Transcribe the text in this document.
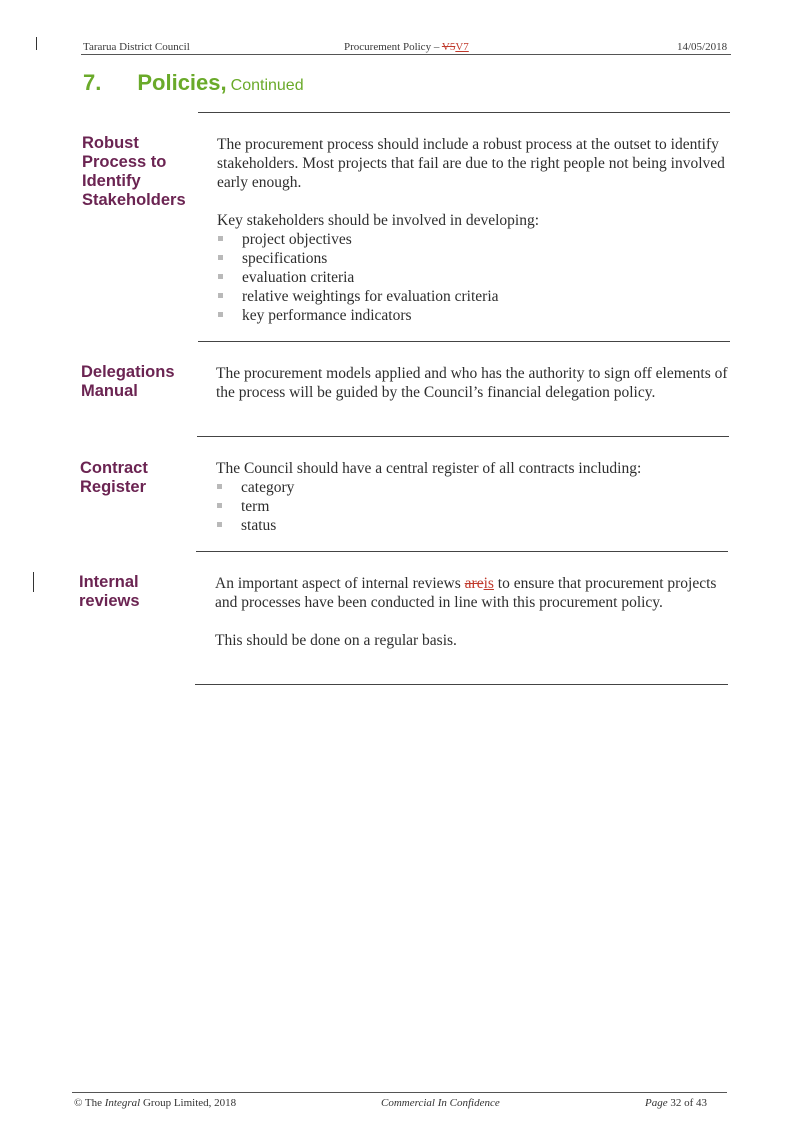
Tararua District Council	Procurement Policy – V5V7	14/05/2018
7. Policies, Continued
Robust
Process to
Identify
Stakeholders

The procurement process should include a robust process at the outset to identify stakeholders. Most projects that fail are due to the right people not being involved early enough.

Key stakeholders should be involved in developing:

project objectives
specifications
evaluation criteria
relative weightings for evaluation criteria
key performance indicators
Delegations
Manual

The procurement models applied and who has the authority to sign off elements of the process will be guided by the Council’s financial delegation policy.

Contract
Register

The Council should have a central register of all contracts including:

category
term
status
Internal
reviews

An important aspect of internal reviews areis to ensure that procurement projects and processes have been conducted in line with this procurement policy.

This should be done on a regular basis.

© The Integral Group Limited, 2018	Commercial In Confidence	Page 32 of 43
